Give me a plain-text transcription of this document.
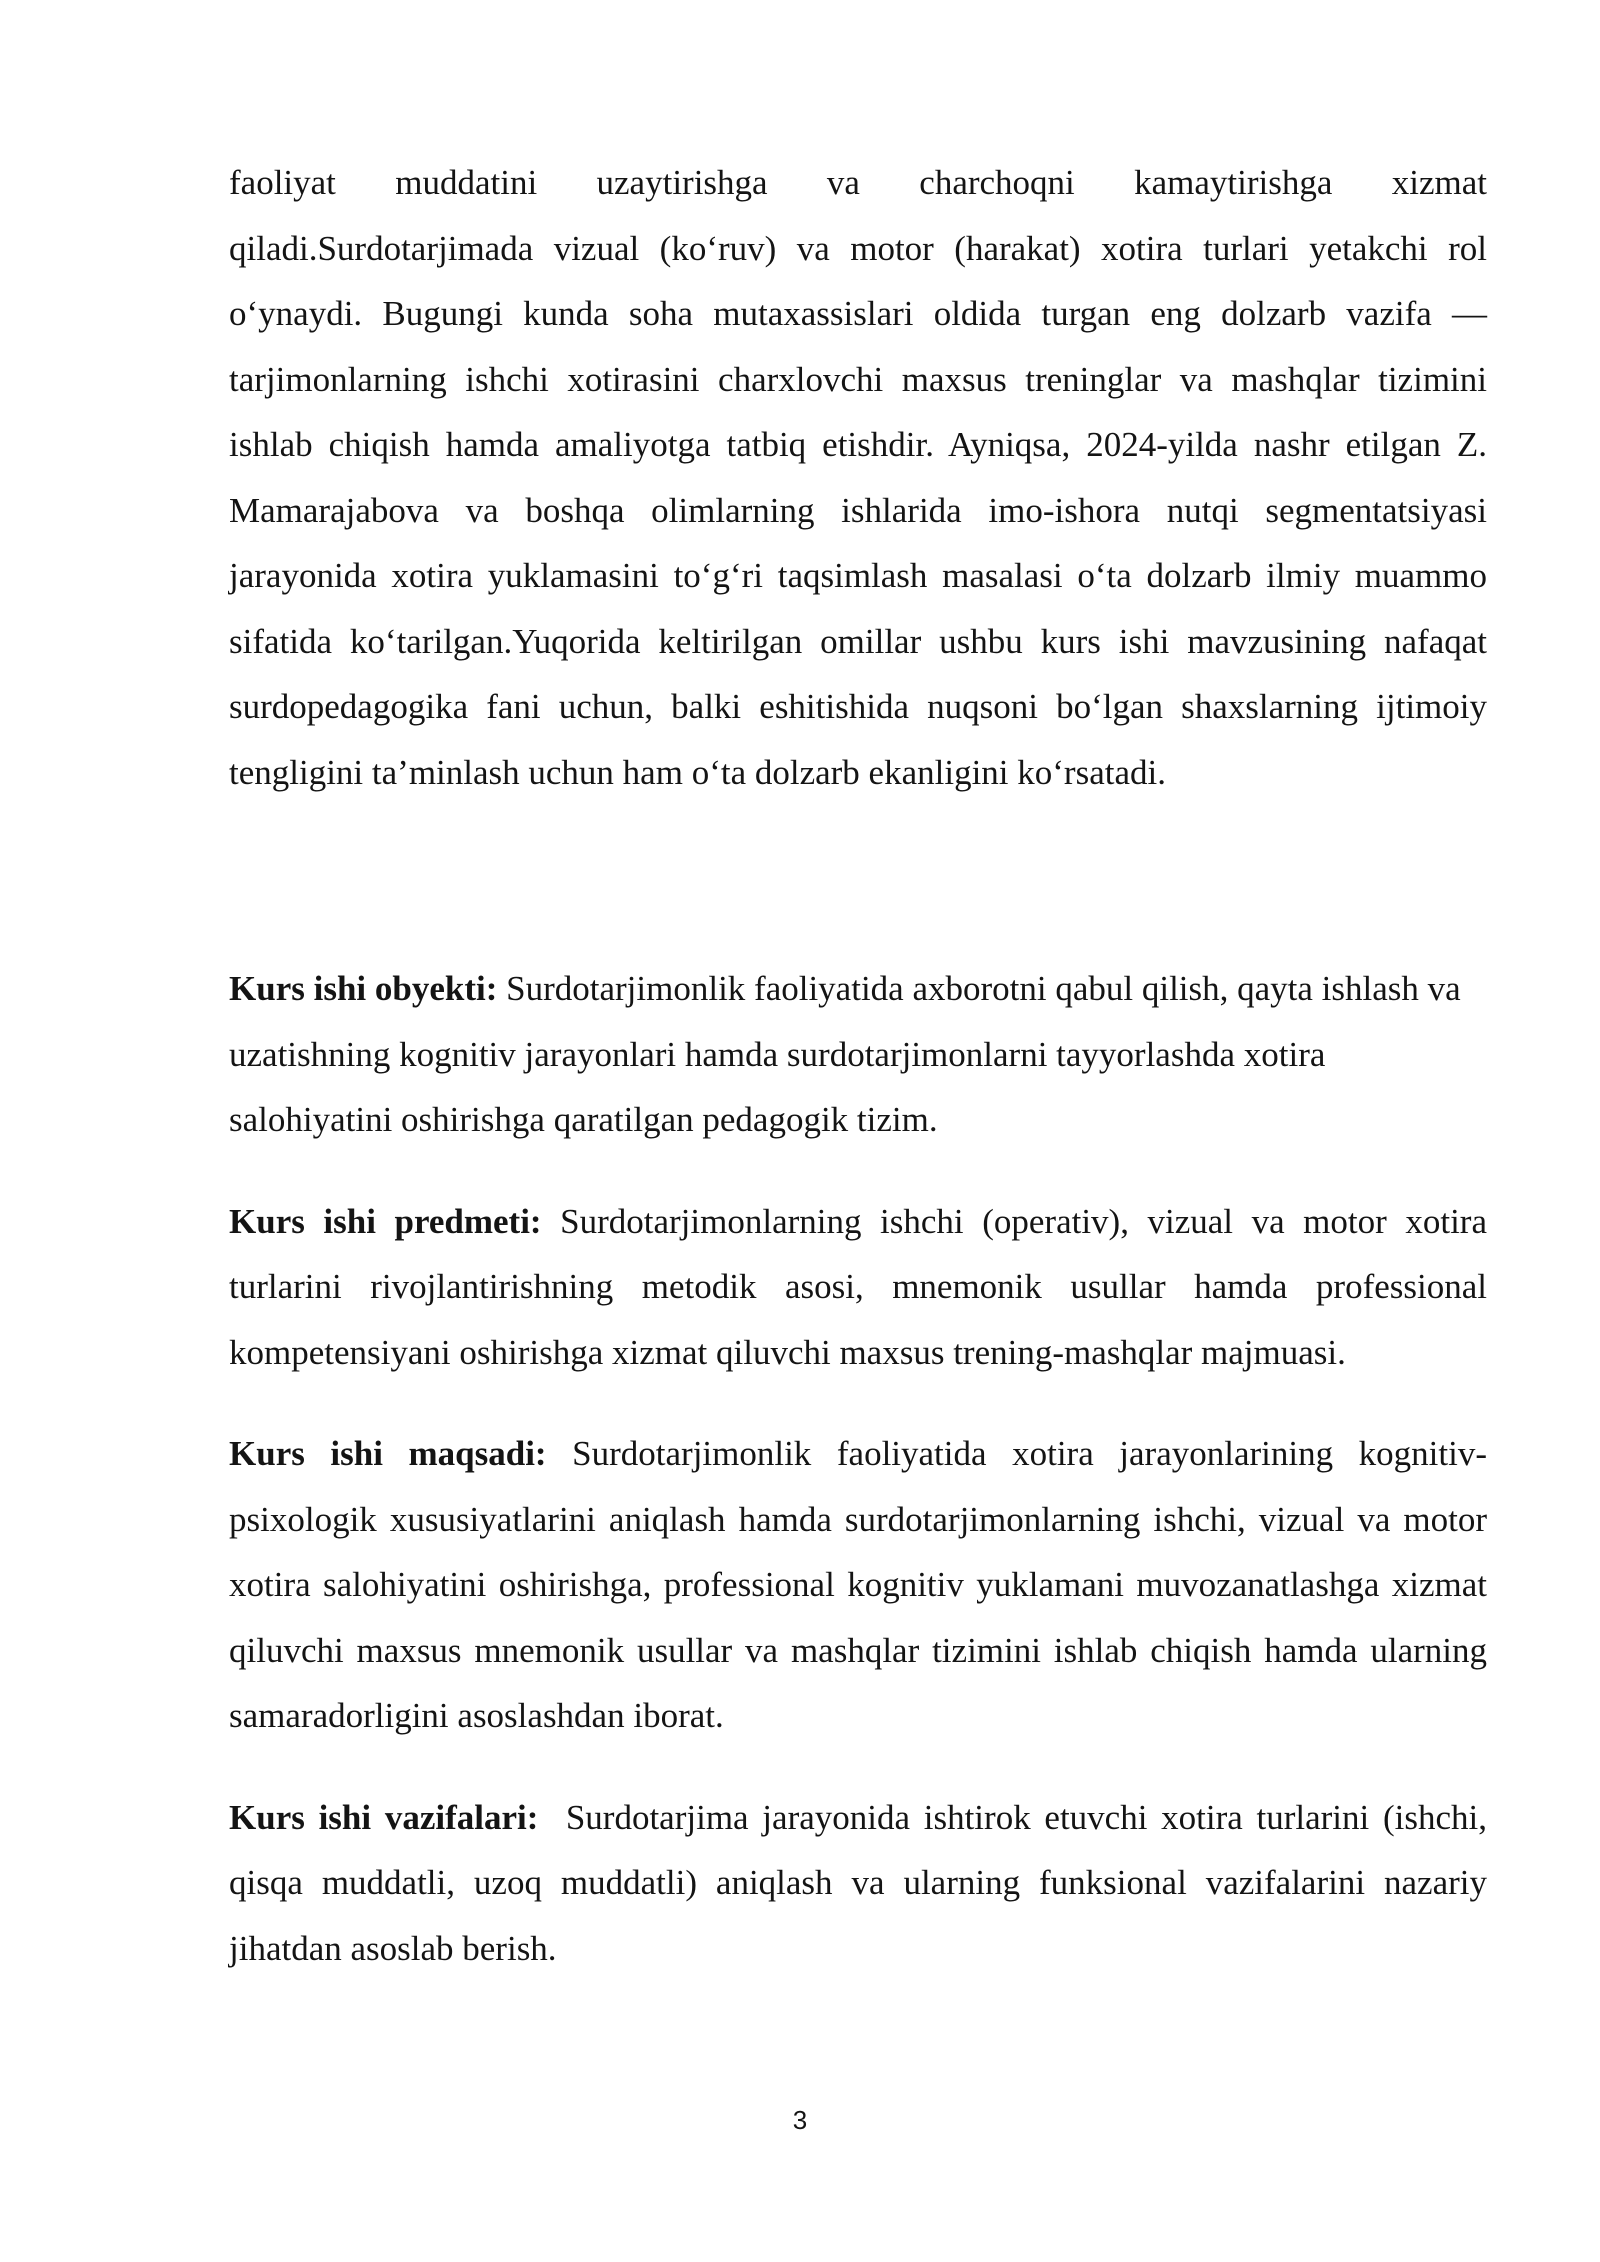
faoliyat muddatini uzaytirishga va charchoqni kamaytirishga xizmat qiladi.Surdotarjimada vizual (ko‘ruv) va motor (harakat) xotira turlari yetakchi rol o‘ynaydi. Bugungi kunda soha mutaxassislari oldida turgan eng dolzarb vazifa — tarjimonlarning ishchi xotirasini charxlovchi maxsus treninglar va mashqlar tizimini ishlab chiqish hamda amaliyotga tatbiq etishdir. Ayniqsa, 2024-yilda nashr etilgan Z. Mamarajabova va boshqa olimlarning ishlarida imo-ishora nutqi segmentatsiyasi jarayonida xotira yuklamasini to‘g‘ri taqsimlash masalasi o‘ta dolzarb ilmiy muammo sifatida ko‘tarilgan.Yuqorida keltirilgan omillar ushbu kurs ishi mavzusining nafaqat surdopedagogika fani uchun, balki eshitishida nuqsoni bo‘lgan shaxslarning ijtimoiy tengligini ta’minlash uchun ham o‘ta dolzarb ekanligini ko‘rsatadi.

Kurs ishi obyekti: Surdotarjimonlik faoliyatida axborotni qabul qilish, qayta ishlash va uzatishning kognitiv jarayonlari hamda surdotarjimonlarni tayyorlashda xotira salohiyatini oshirishga qaratilgan pedagogik tizim.

Kurs ishi predmeti: Surdotarjimonlarning ishchi (operativ), vizual va motor xotira turlarini rivojlantirishning metodik asosi, mnemonik usullar hamda professional kompetensiyani oshirishga xizmat qiluvchi maxsus trening-mashqlar majmuasi.

Kurs ishi maqsadi: Surdotarjimonlik faoliyatida xotira jarayonlarining kognitiv-psixologik xususiyatlarini aniqlash hamda surdotarjimonlarning ishchi, vizual va motor xotira salohiyatini oshirishga, professional kognitiv yuklamani muvozanatlashga xizmat qiluvchi maxsus mnemonik usullar va mashqlar tizimini ishlab chiqish hamda ularning samaradorligini asoslashdan iborat.

Kurs ishi vazifalari:  Surdotarjima jarayonida ishtirok etuvchi xotira turlarini (ishchi, qisqa muddatli, uzoq muddatli) aniqlash va ularning funksional vazifalarini nazariy jihatdan asoslab berish.

3
